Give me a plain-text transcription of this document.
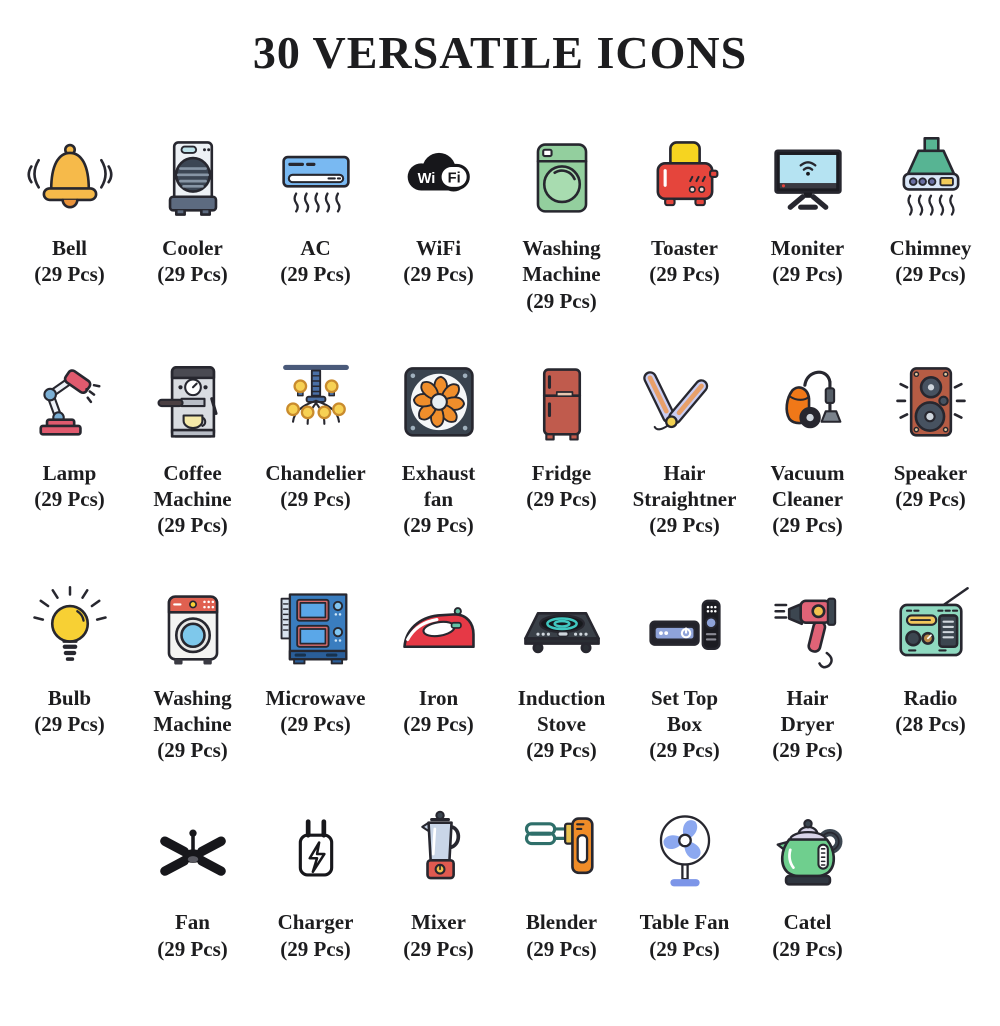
30 VERSATILE ICONS
Bell
(29 Pcs)
Cooler
(29 Pcs)
AC
(29 Pcs)
Wi Fi
WiFi
(29 Pcs)
Washing
Machine
(29 Pcs)
Toaster
(29 Pcs)
Moniter
(29 Pcs)
Chimney
(29 Pcs)
Lamp
(29 Pcs)
Coffee
Machine
(29 Pcs)
Chandelier
(29 Pcs)
Exhaust
fan
(29 Pcs)
Fridge
(29 Pcs)
Hair
Straightner
(29 Pcs)
Vacuum
Cleaner
(29 Pcs)
Speaker
(29 Pcs)
Bulb
(29 Pcs)
Washing
Machine
(29 Pcs)
Microwave
(29 Pcs)
Iron
(29 Pcs)
Induction
Stove
(29 Pcs)
Set Top
Box
(29 Pcs)
Hair
Dryer
(29 Pcs)
Radio
(28 Pcs)
Fan
(29 Pcs)
Charger
(29 Pcs)
Mixer
(29 Pcs)
Blender
(29 Pcs)
Table Fan
(29 Pcs)
Catel
(29 Pcs)
